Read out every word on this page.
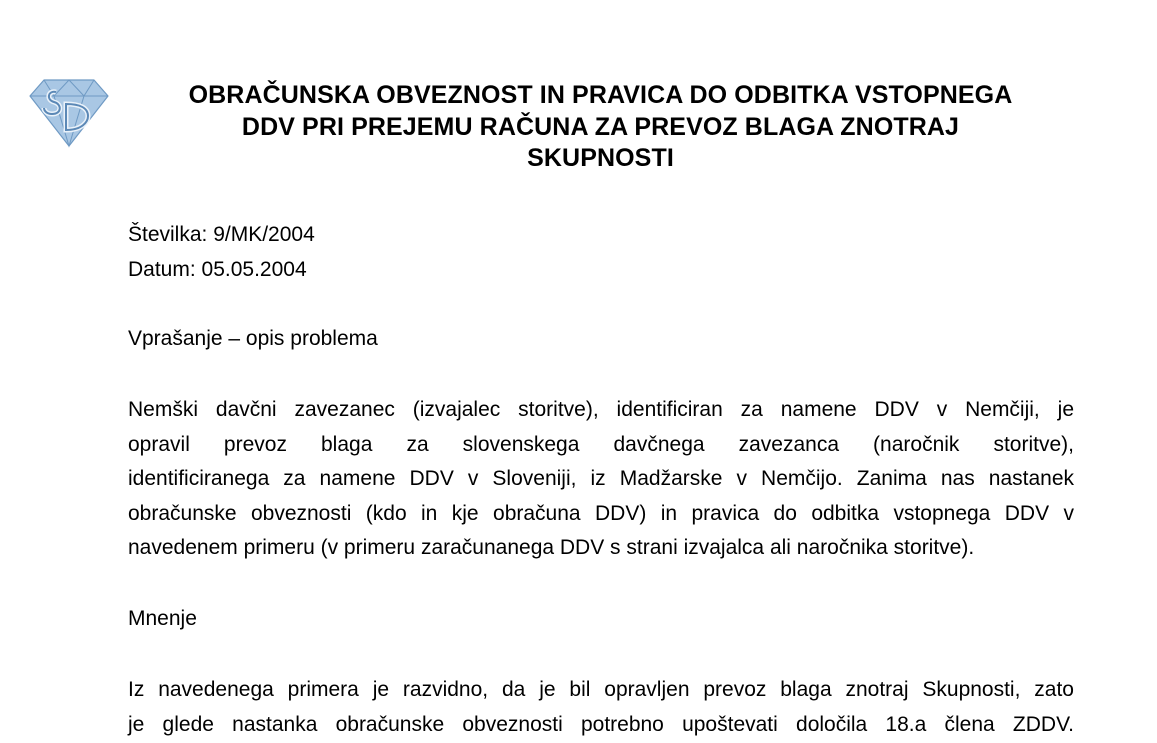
OBRAČUNSKA OBVEZNOST IN PRAVICA DO ODBITKA VSTOPNEGA
DDV PRI PREJEMU RAČUNA ZA PREVOZ BLAGA ZNOTRAJ
SKUPNOSTI
Številka: 9/MK/2004
Datum: 05.05.2004
Vprašanje – opis problema
Nemški davčni zavezanec (izvajalec storitve), identificiran za namene DDV v Nemčiji, je
opravil prevoz blaga za slovenskega davčnega zavezanca (naročnik storitve),
identificiranega za namene DDV v Sloveniji, iz Madžarske v Nemčijo. Zanima nas nastanek
obračunske obveznosti (kdo in kje obračuna DDV) in pravica do odbitka vstopnega DDV v
navedenem primeru (v primeru zaračunanega DDV s strani izvajalca ali naročnika storitve).
Mnenje
Iz navedenega primera je razvidno, da je bil opravljen prevoz blaga znotraj Skupnosti, zato
je glede nastanka obračunske obveznosti potrebno upoštevati določila 18.a člena ZDDV.
